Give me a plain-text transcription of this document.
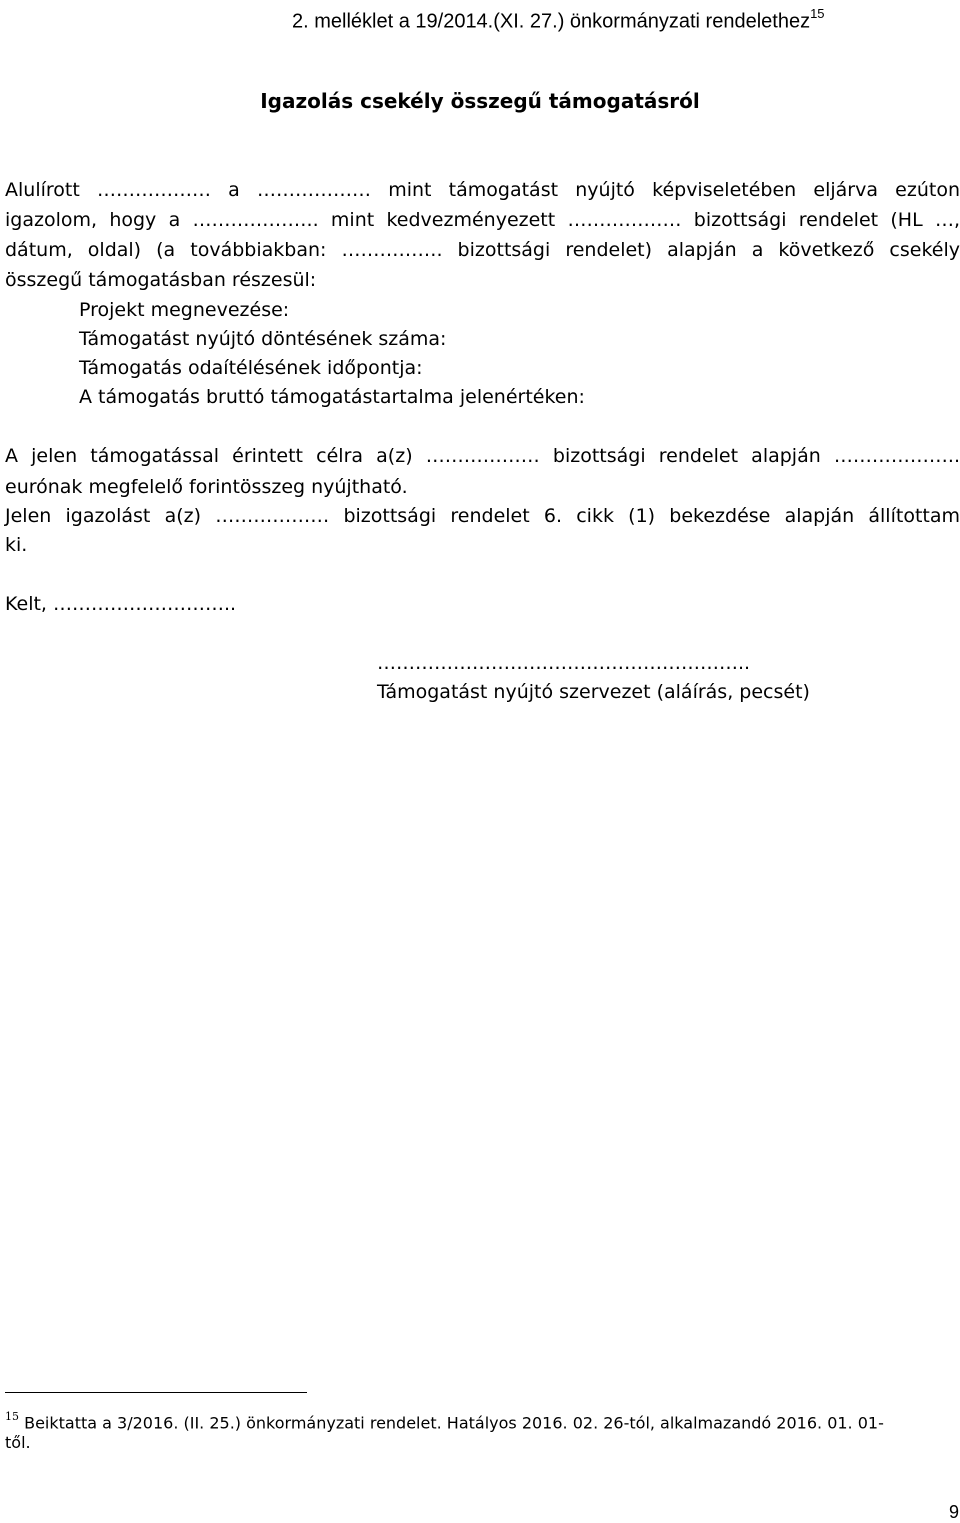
2. melléklet a 19/2014.(XI. 27.) önkormányzati rendelethez$^{15}$
Igazolás csekély összegű támogatásról
Alulírott ……………… a ……………… mint támogatást nyújtó képviseletében eljárva ezúton
igazolom, hogy a ……………….. mint kedvezményezett ……………… bizottsági rendelet (HL …,
dátum, oldal) (a továbbiakban: ……………. bizottsági rendelet) alapján a következő csekély
összegű támogatásban részesül:
Projekt megnevezése:
Támogatást nyújtó döntésének száma:
Támogatás odaítélésének időpontja:
A támogatás bruttó támogatástartalma jelenértéken:
A jelen támogatással érintett célra a(z) ……………… bizottsági rendelet alapján ………………..
eurónak megfelelő forintösszeg nyújtható.
Jelen igazolást a(z) ……………… bizottsági rendelet 6. cikk (1) bekezdése alapján állítottam
ki.
Kelt, ………………………..
…………………………………………………..
Támogatást nyújtó szervezet (aláírás, pecsét)
$^{15}$ Beiktatta a 3/2016. (II. 25.) önkormányzati rendelet. Hatályos 2016. 02. 26-tól, alkalmazandó 2016. 01. 01-
től.
9
